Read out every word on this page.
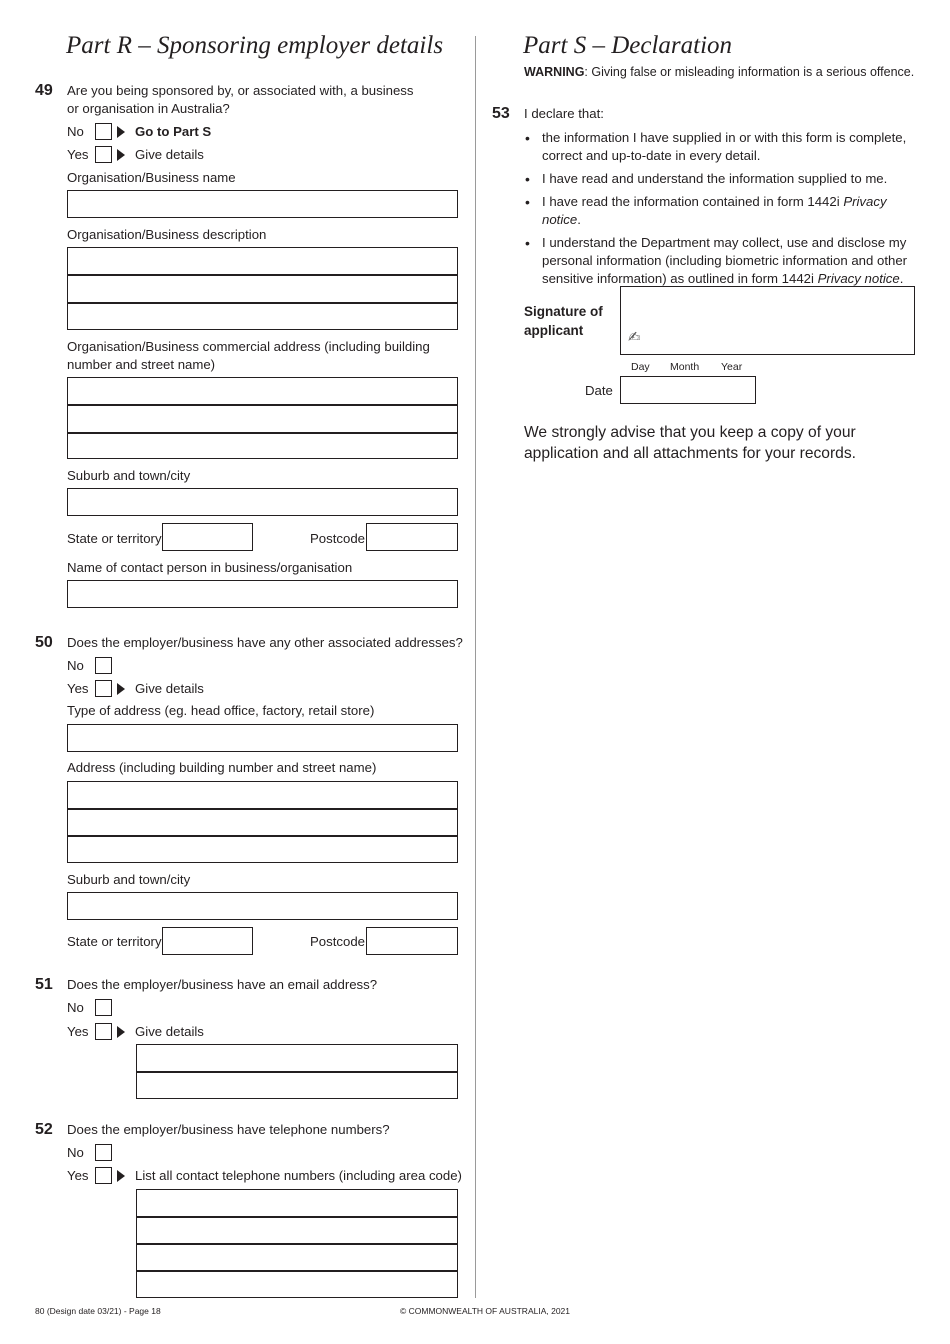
Part R – Sponsoring employer details
49 Are you being sponsored by, or associated with, a business or organisation in Australia?
No	Go to Part S
Yes	Give details
Organisation/Business name
Organisation/Business description
Organisation/Business commercial address (including building number and street name)
Suburb and town/city
State or territory	Postcode
Name of contact person in business/organisation
50 Does the employer/business have any other associated addresses?
No
Yes	Give details
Type of address (eg. head office, factory, retail store)
Address (including building number and street name)
Suburb and town/city
State or territory	Postcode
51 Does the employer/business have an email address?
No
Yes	Give details
52 Does the employer/business have telephone numbers?
No
Yes	List all contact telephone numbers (including area code)
Part S – Declaration
WARNING: Giving false or misleading information is a serious offence.
53 I declare that:
• the information I have supplied in or with this form is complete, correct and up-to-date in every detail.
• I have read and understand the information supplied to me.
• I have read the information contained in form 1442i Privacy notice.
• I understand the Department may collect, use and disclose my personal information (including biometric information and other sensitive information) as outlined in form 1442i Privacy notice.
Signature of applicant	✍
Day Month Year
Date
We strongly advise that you keep a copy of your application and all attachments for your records.
80 (Design date 03/21) - Page 18	© COMMONWEALTH OF AUSTRALIA, 2021
